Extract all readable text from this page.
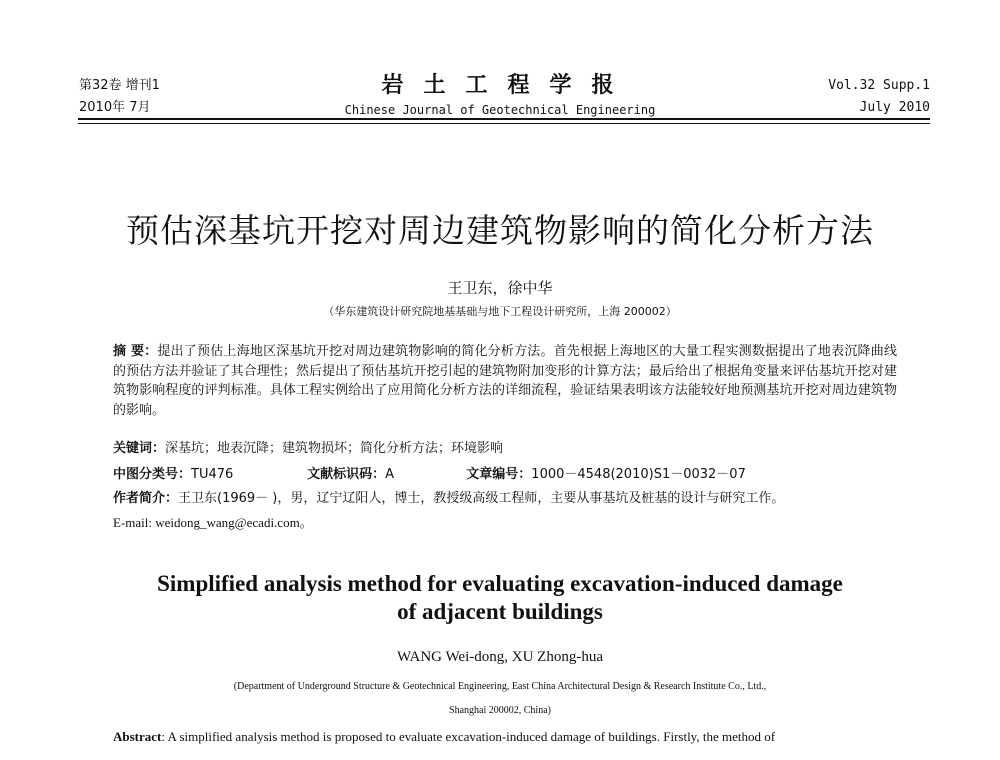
第32卷 增刊1
2010年 7月
岩土工程学报
Chinese Journal of Geotechnical Engineering
Vol.32 Supp.1
July 2010
预估深基坑开挖对周边建筑物影响的简化分析方法
王卫东，徐中华
（华东建筑设计研究院地基基础与地下工程设计研究所，上海 200002）
摘 要：提出了预估上海地区深基坑开挖对周边建筑物影响的简化分析方法。首先根据上海地区的大量工程实测数据提出了地表沉降曲线的预估方法并验证了其合理性；然后提出了预估基坑开挖引起的建筑物附加变形的计算方法；最后给出了根据角变量来评估基坑开挖对建筑物影响程度的评判标准。具体工程实例给出了应用简化分析方法的详细流程，验证结果表明该方法能较好地预测基坑开挖对周边建筑物的影响。
关键词：深基坑；地表沉降；建筑物损坏；简化分析方法；环境影响
中图分类号：TU476	文献标识码：A	文章编号：1000－4548(2010)S1－0032－07
作者简介：王卫东(1969－ )，男，辽宁辽阳人，博士，教授级高级工程师，主要从事基坑及桩基的设计与研究工作。
E-mail: weidong_wang@ecadi.com。
Simplified analysis method for evaluating excavation-induced damage
of adjacent buildings
WANG Wei-dong, XU Zhong-hua
(Department of Underground Structure & Geotechnical Engineering, East China Architectural Design & Research Institute Co., Ltd.,
Shanghai 200002, China)
Abstract: A simplified analysis method is proposed to evaluate excavation-induced damage of buildings. Firstly, the method of
